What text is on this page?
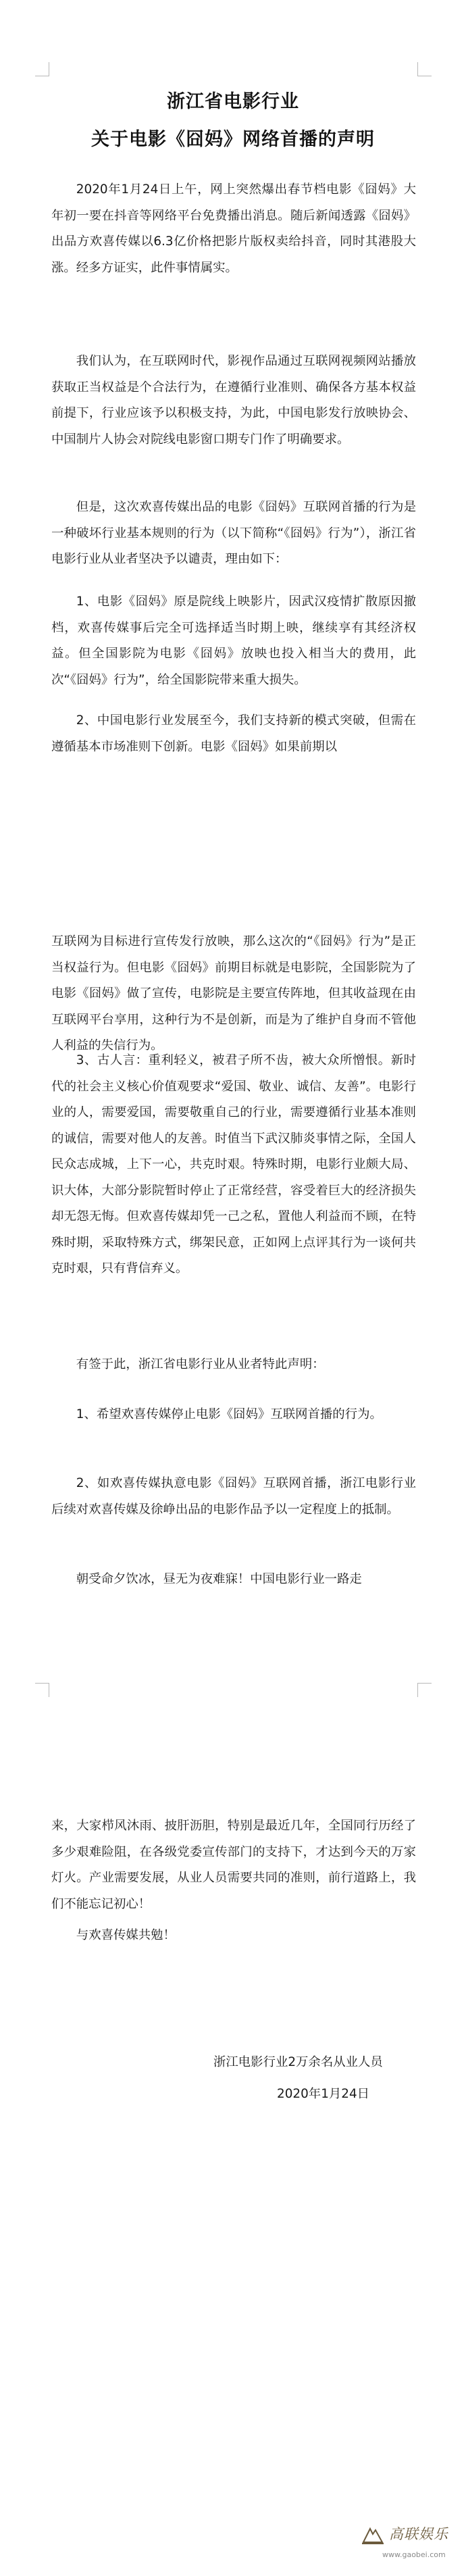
浙江省电影行业
关于电影《囧妈》网络首播的声明

2020年1月24日上午，网上突然爆出春节档电影《囧妈》大年初一要在抖音等网络平台免费播出消息。随后新闻透露《囧妈》出品方欢喜传媒以6.3亿价格把影片版权卖给抖音，同时其港股大涨。经多方证实，此件事情属实。

我们认为，在互联网时代，影视作品通过互联网视频网站播放获取正当权益是个合法行为，在遵循行业准则、确保各方基本权益前提下，行业应该予以积极支持，为此，中国电影发行放映协会、中国制片人协会对院线电影窗口期专门作了明确要求。

但是，这次欢喜传媒出品的电影《囧妈》互联网首播的行为是一种破坏行业基本规则的行为（以下简称“《囧妈》行为”），浙江省电影行业从业者坚决予以谴责，理由如下：

1、电影《囧妈》原是院线上映影片，因武汉疫情扩散原因撤档，欢喜传媒事后完全可选择适当时期上映，继续享有其经济权益。但全国影院为电影《囧妈》放映也投入相当大的费用，此次“《囧妈》行为”，给全国影院带来重大损失。

2、中国电影行业发展至今，我们支持新的模式突破，但需在遵循基本市场准则下创新。电影《囧妈》如果前期以

互联网为目标进行宣传发行放映，那么这次的“《囧妈》行为”是正当权益行为。但电影《囧妈》前期目标就是电影院，全国影院为了电影《囧妈》做了宣传，电影院是主要宣传阵地，但其收益现在由互联网平台享用，这种行为不是创新，而是为了维护自身而不管他人利益的失信行为。

3、古人言：重利轻义，被君子所不齿，被大众所憎恨。新时代的社会主义核心价值观要求“爱国、敬业、诚信、友善”。电影行业的人，需要爱国，需要敬重自己的行业，需要遵循行业基本准则的诚信，需要对他人的友善。时值当下武汉肺炎事情之际，全国人民众志成城，上下一心，共克时艰。特殊时期，电影行业颇大局、识大体，大部分影院暂时停止了正常经营，容受着巨大的经济损失却无怨无悔。但欢喜传媒却凭一己之私，置他人利益而不顾，在特殊时期，采取特殊方式，绑架民意，正如网上点评其行为一谈何共克时艰，只有背信弃义。

有签于此，浙江省电影行业从业者特此声明：

1、希望欢喜传媒停止电影《囧妈》互联网首播的行为。

2、如欢喜传媒执意电影《囧妈》互联网首播，浙江电影行业后续对欢喜传媒及徐峥出品的电影作品予以一定程度上的抵制。

朝受命夕饮冰，昼无为夜难寐！中国电影行业一路走

来，大家栉风沐雨、披肝沥胆，特别是最近几年，全国同行历经了多少艰难险阻，在各级党委宣传部门的支持下，才达到今天的万家灯火。产业需要发展，从业人员需要共同的准则，前行道路上，我们不能忘记初心！

与欢喜传媒共勉！

浙江电影行业2万余名从业人员
2020年1月24日
高联娱乐
www.gaobei.com
